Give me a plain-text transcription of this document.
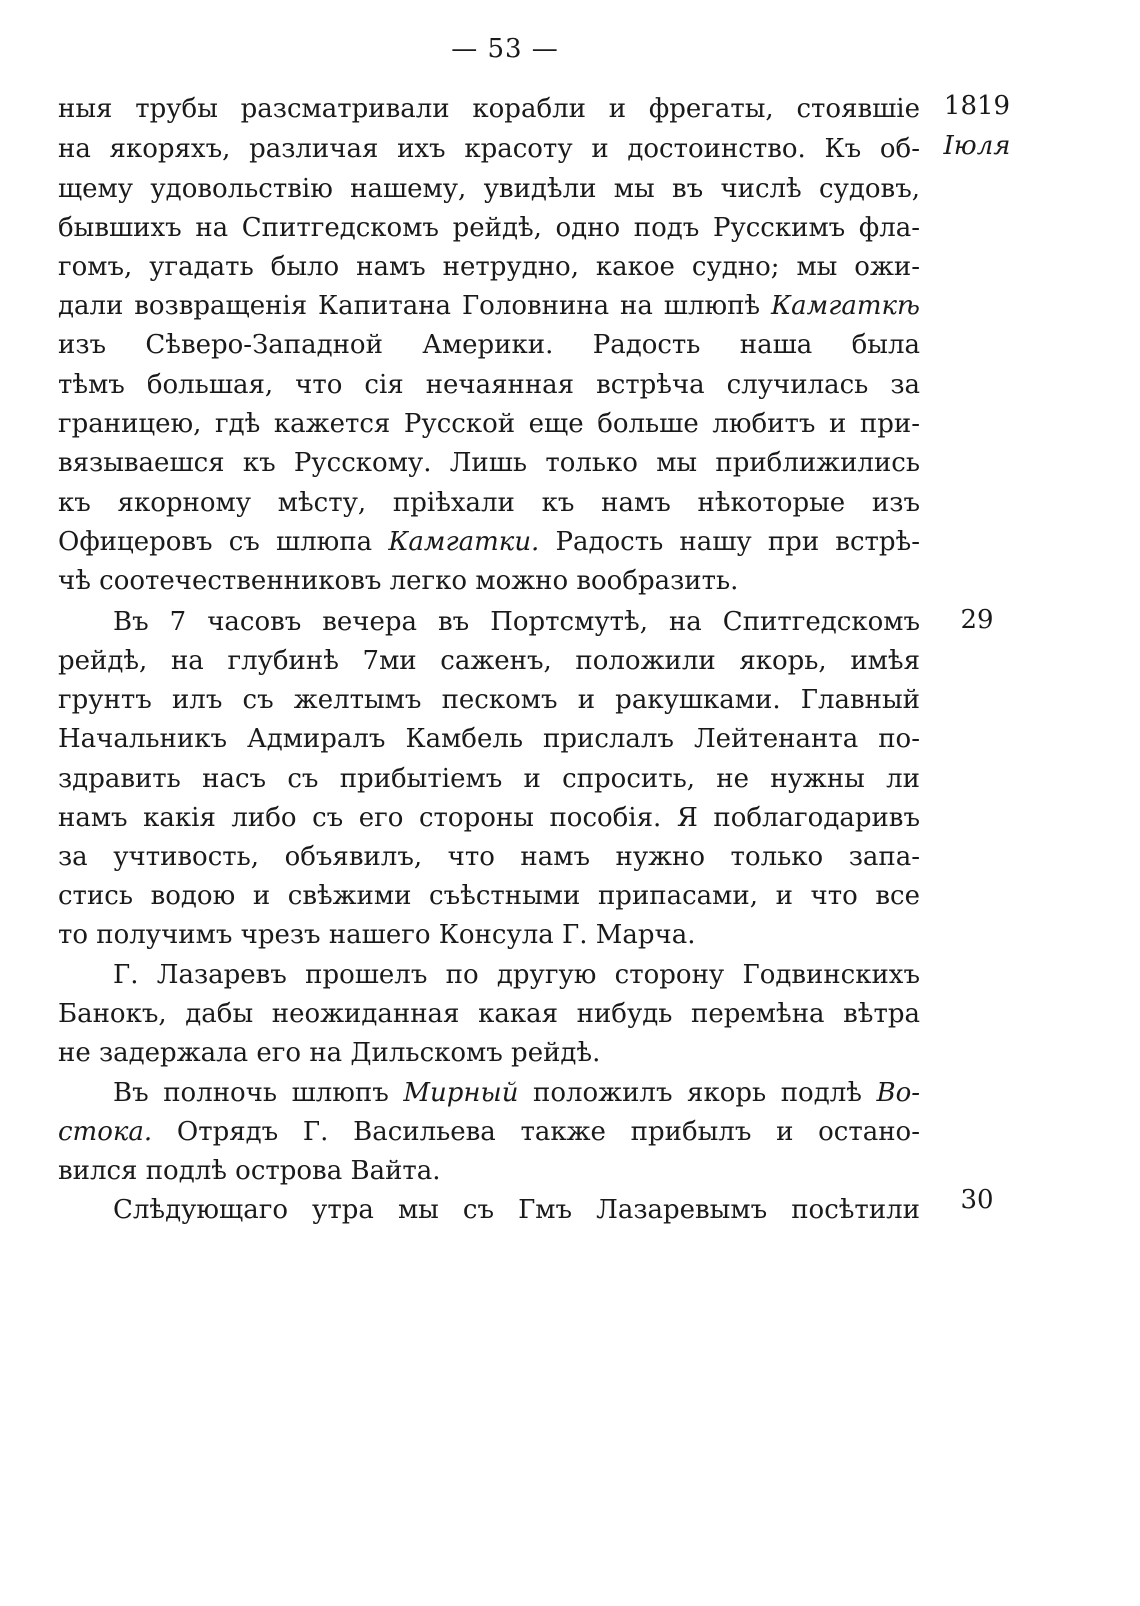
— 53 —
1819
Іюля
29
30
ныя трубы разсматривали корабли и фрегаты, стоявшіе
на якоряхъ, различая ихъ красоту и достоинство. Къ об-
щему удовольствію нашему, увидѣли мы въ числѣ судовъ,
бывшихъ на Спитгедскомъ рейдѣ, одно подъ Русскимъ фла-
гомъ, угадать было намъ нетрудно, какое судно; мы ожи-
дали возвращенія Капитана Головнина на шлюпѣ Камгаткѣ
изъ Сѣверо-Западной Америки. Радость наша была
тѣмъ большая, что сія нечаянная встрѣча случилась за
границею, гдѣ кажется Русской еще больше любитъ и при-
вязываешся къ Русскому. Лишь только мы приближились
къ якорному мѣсту, пріѣхали къ намъ нѣкоторые изъ
Офицеровъ съ шлюпа Камгатки. Радость нашу при встрѣ-
чѣ соотечественниковъ легко можно вообразить.
Въ 7 часовъ вечера въ Портсмутѣ, на Спитгедскомъ
рейдѣ, на глубинѣ 7ми саженъ, положили якорь, имѣя
грунтъ илъ съ желтымъ пескомъ и ракушками. Главный
Начальникъ Адмиралъ Камбель прислалъ Лейтенанта по-
здравить насъ съ прибытіемъ и спросить, не нужны ли
намъ какія либо съ его стороны пособія. Я поблагодаривъ
за учтивость, объявилъ, что намъ нужно только запа-
стись водою и свѣжими съѣстными припасами, и что все
то получимъ чрезъ нашего Консула Г. Марча.
Г. Лазаревъ прошелъ по другую сторону Годвинскихъ
Банокъ, дабы неожиданная какая нибудь перемѣна вѣтра
не задержала его на Дильскомъ рейдѣ.
Въ полночь шлюпъ Мирный положилъ якорь подлѣ Во-
стока. Отрядъ Г. Васильева также прибылъ и остано-
вился подлѣ острова Вайта.
Слѣдующаго утра мы съ Гмъ Лазаревымъ посѣтили
